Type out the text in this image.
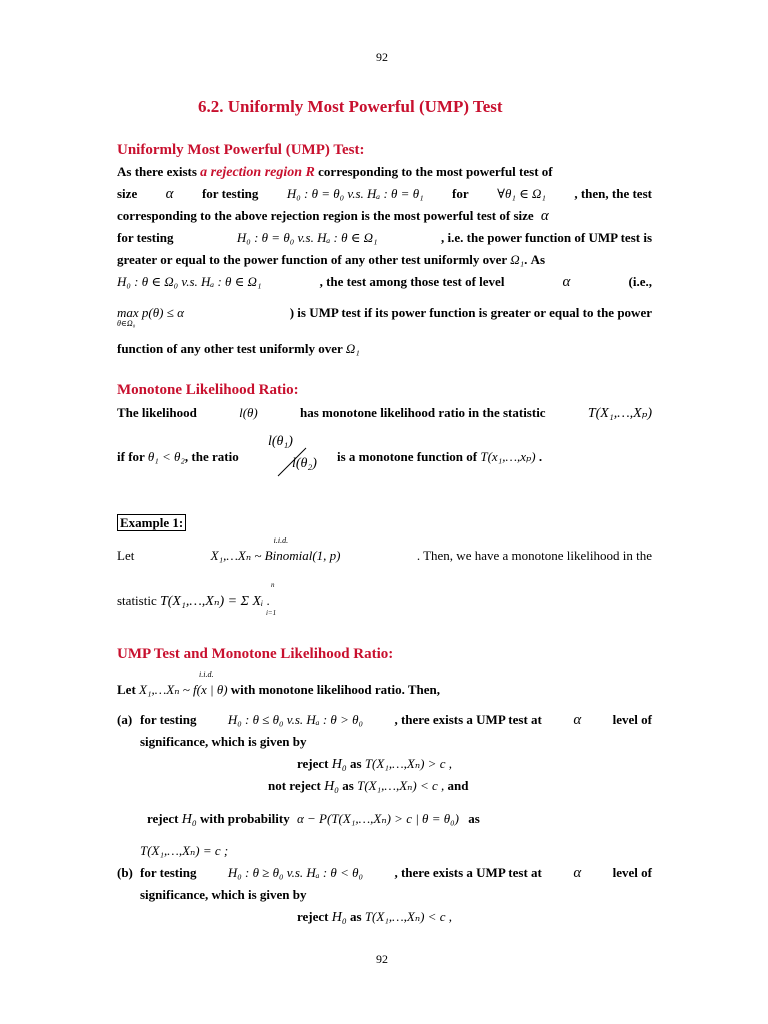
92
6.2. Uniformly Most Powerful (UMP) Test
Uniformly Most Powerful (UMP) Test:
As there exists a rejection region R corresponding to the most powerful test of
size α for testing H₀ : θ = θ₀ v.s. Hₐ : θ = θ₁ for ∀θ₁ ∈ Ω₁ , then, the test
corresponding to the above rejection region is the most powerful test of size α
for testing	H₀ : θ = θ₀ v.s. Hₐ : θ ∈ Ω₁	, i.e. the power function of UMP test is
greater or equal to the power function of any other test uniformly over Ω₁. As
H₀ : θ ∈ Ω₀ v.s. Hₐ : θ ∈ Ω₁	, the test among those test of level	α	(i.e.,
max p(θ) ≤ α
θ∈Ω₀
) is UMP test if its power function is greater or equal to the power
function of any other test uniformly over Ω₁
Monotone Likelihood Ratio:
The likelihood	l(θ)	has monotone likelihood ratio in the statistic	T(X₁,…,Xₚ)
if for θ₁ < θ₂, the ratio
l(θ₁)
l(θ₂) is a monotone function of T(x₁,…,xₚ) .
Example 1:
Let	X₁,…Xₙ ~ Binomial(1, p)
i.i.d.
. Then, we have a monotone likelihood in the
statistic T(X₁,…,Xₙ) = Σ Xᵢ
n
i=1
.
UMP Test and Monotone Likelihood Ratio:
Let X₁,…Xₙ ~ f(x | θ)
i.i.d.
with monotone likelihood ratio. Then,
(a) for testing H₀ : θ ≤ θ₀ v.s. Hₐ : θ > θ₀ , there exists a UMP test at α level of
significance, which is given by
reject H₀ as T(X₁,…,Xₙ) > c ,
not reject H₀ as T(X₁,…,Xₙ) < c , and
reject H₀ with probability α − P(T(X₁,…,Xₙ) > c | θ = θ₀) as
T(X₁,…,Xₙ) = c ;
(b) for testing H₀ : θ ≥ θ₀ v.s. Hₐ : θ < θ₀ , there exists a UMP test at α level of
significance, which is given by
reject H₀ as T(X₁,…,Xₙ) < c ,
92
